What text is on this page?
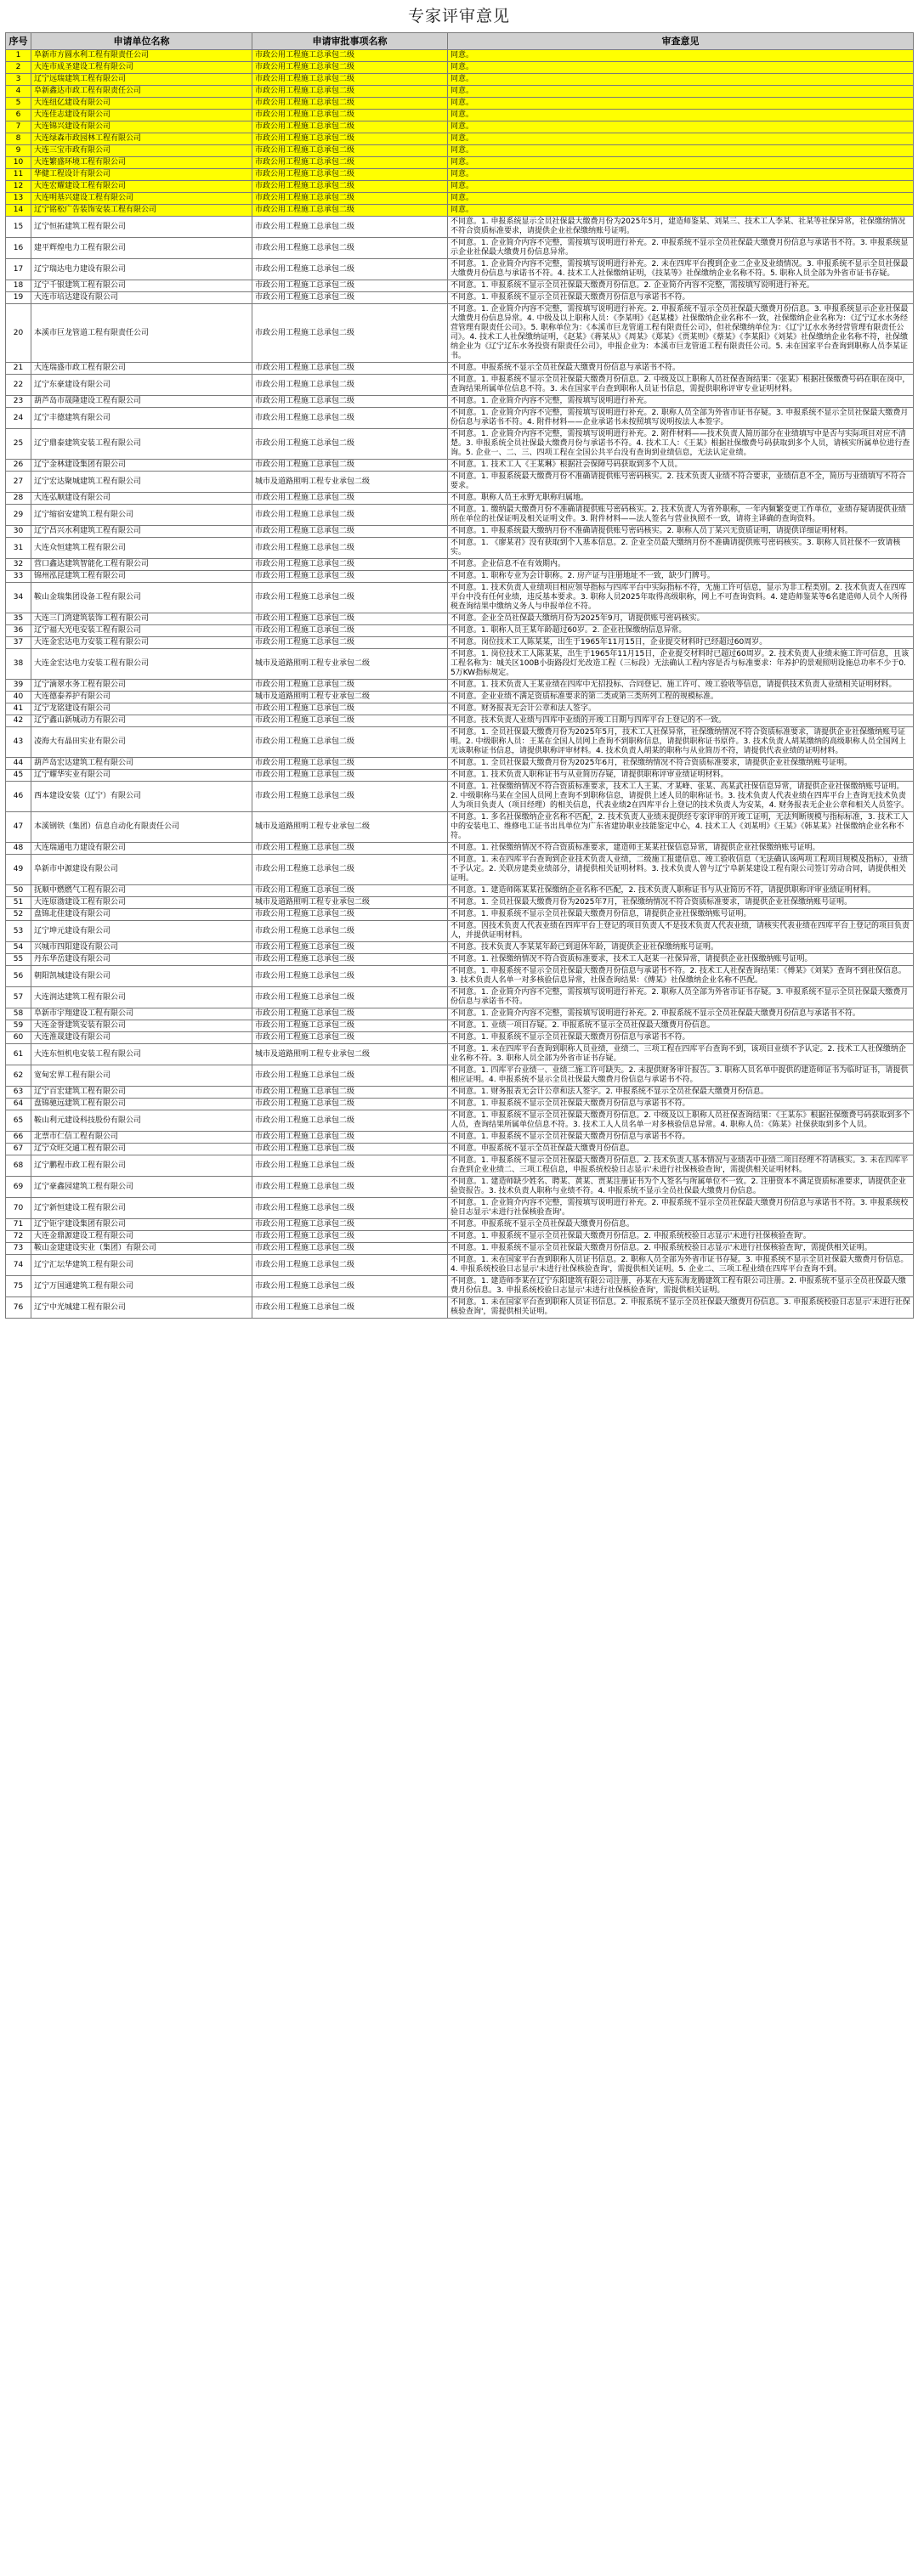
专家评审意见
序号	申请单位名称	申请审批事项名称	审查意见
1	阜新市方圆水利工程有限责任公司	市政公用工程施工总承包二级	同意。
2	大连市成圣建设工程有限公司	市政公用工程施工总承包二级	同意。
3	辽宁远瑞建筑工程有限公司	市政公用工程施工总承包二级	同意。
4	阜新鑫达市政工程有限责任公司	市政公用工程施工总承包二级	同意。
5	大连纽亿建设有限公司	市政公用工程施工总承包二级	同意。
6	大连佳志建设有限公司	市政公用工程施工总承包二级	同意。
7	大连锦兴建设有限公司	市政公用工程施工总承包二级	同意。
8	大连绿森市政园林工程有限公司	市政公用工程施工总承包二级	同意。
9	大连三宝市政有限公司	市政公用工程施工总承包二级	同意。
10	大连繁盛环境工程有限公司	市政公用工程施工总承包二级	同意。
11	华健工程设计有限公司	市政公用工程施工总承包二级	同意。
12	大连宏耀建设工程有限公司	市政公用工程施工总承包二级	同意。
13	大连明基兴建设工程有限公司	市政公用工程施工总承包二级	同意。
14	辽宁铭松广告装饰安装工程有限公司	市政公用工程施工总承包二级	同意。
15	辽宁恒拓建筑工程有限公司	市政公用工程施工总承包二级	不同意。1. 申报系统显示全员社保最大缴费月份为2025年5月，建造师鉴某、刘某三、技术工人李某、社某等社保异常，社保缴纳情况不符合资质标准要求，请提供企业社保缴纳账号证明。
16	建平辉煌电力工程有限公司	市政公用工程施工总承包二级	不同意。1. 企业简介内容不完整，需按填写说明进行补充。2. 申报系统不显示全员社保最大缴费月份信息与承诺书不符。3. 申报系统显示企业社保最大缴费月份信息异常。
17	辽宁瑞达电力建设有限公司	市政公用工程施工总承包二级	不同意。1. 企业简介内容不完整，需按填写说明进行补充。2. 未在四库平台搜到企业二企业及业绩情况。3. 申报系统不显示全员社保最大缴费月份信息与承诺书不符。4. 技术工人社保缴纳证明，《技某等》社保缴纳企业名称不符。5. 职称人员全部为外省市证书存疑。
18	辽宁千银建筑工程有限公司	市政公用工程施工总承包二级	不同意。1. 申报系统不显示全员社保最大缴费月份信息。2. 企业简介内容不完整，需按填写说明进行补充。
19	大连市培达建设有限公司	市政公用工程施工总承包二级	不同意。1. 申报系统不显示全员社保最大缴费月份信息与承诺书不符。
20	本溪市巨龙管道工程有限责任公司	市政公用工程施工总承包二级	不同意。1. 企业简介内容不完整，需按填写说明进行补充。2. 申报系统不显示全员社保最大缴费月份信息。3. 申报系统显示企业社保最大缴费月份信息异常。4. 中级及以上职称人员：《李某明》《赵某楼》社保缴纳企业名称不一致，社保缴纳企业名称为：《辽宁辽水水务经营管理有限责任公司》。5. 职称单位为：《本溪市巨龙管道工程有限责任公司》，但社保缴纳单位为：《辽宁辽水水务经营管理有限责任公司》。4. 技术工人社保缴纳证明，《赵某》《蒋某从》《周某》《郑某》《贾某则》《蔡某》《李某阳》《刘某》社保缴纳企业名称不符，社保缴纳企业为《辽宁辽东水务投资有限责任公司》，申报企业为：本溪市巨龙管道工程有限责任公司。5. 未在国家平台查询到职称人员李某证书。
21	大连瑞盛市政工程有限公司	市政公用工程施工总承包二级	不同意。申报系统不显示全员社保最大缴费月份信息与承诺书不符。
22	辽宁东豪建设有限公司	市政公用工程施工总承包二级	不同意。1. 申报系统不显示全员社保最大缴费月份信息。2. 中级及以上职称人员社保查询结果：《张某》根据社保缴费号码在职在岗中，查询结果所属单位信息不符。3. 未在国家平台查到职称人员证书信息，需提供职称评审专业证明材料。
23	葫芦岛市晟隆建设工程有限公司	市政公用工程施工总承包二级	不同意。1. 企业简介内容不完整，需按填写说明进行补充。
24	辽宁丰德建筑有限公司	市政公用工程施工总承包二级	不同意。1. 企业简介内容不完整，需按填写说明进行补充。2. 职称人员全部为外省市证书存疑。3. 申报系统不显示全员社保最大缴费月份信息与承诺书不符。4. 附件材料——企业承诺书未按照填写说明按法人本签字。
25	辽宁鼎泰建筑安装工程有限公司	市政公用工程施工总承包二级	不同意。1. 企业简介内容不完整，需按填写说明进行补充。2. 附件材料——技术负责人简历部分在业绩填写中是否与实际项目对应不清楚。3. 申报系统全员社保最大缴费月份与承诺书不符。4. 技术工人：《王某》根据社保缴费号码获取到多个人员，请核实所属单位进行查询。5. 企业一、二、三、四项工程在全国公共平台没有查询到业绩信息，无法认定业绩。
26	辽宁金林建设集团有限公司	市政公用工程施工总承包二级	不同意。1. 技术工人《王某琳》根据社会保障号码获取到多个人员。
27	辽宁宏达聚城建筑工程有限公司	城市及道路照明工程专业承包二级	不同意。1. 申报系统最大缴费月份不准确请提供账号密码核实。2. 技术负责人业绩不符合要求，业绩信息不全，简历与业绩填写不符合要求。
28	大连弘顺建设有限公司	市政公用工程施工总承包二级	不同意。职称人员王永野无职称归属地。
29	辽宁缩宿安建筑工程有限公司	市政公用工程施工总承包二级	不同意。1. 缴纳最大缴费月份不准确请提供账号密码核实。2. 技术负责人为省外职称，一年内频繁变更工作单位，业绩存疑请提供业绩所在单位的社保证明及相关证明文件。3. 附件材料——法人签名与营业执照不一致，请将主译确的查询资料。
30	辽宁昌兴水利建筑工程有限公司	市政公用工程施工总承包二级	不同意。1. 申报系统最大缴纳月份不准确请提供账号密码核实。2. 职称人员丁某兴无资质证明，请提供详细证明材料。
31	大连众恒建筑工程有限公司	市政公用工程施工总承包二级	不同意。1. 《廖某君》没有获取到个人基本信息。2. 企业全员最大缴纳月份不准确请提供账号密码核实。3. 职称人员社保不一致请核实。
32	营口鑫达建筑智能化工程有限公司	市政公用工程施工总承包二级	不同意。企业信息不在有效期内。
33	锦州泓昆建筑工程有限公司	市政公用工程施工总承包二级	不同意。1. 职称专业为会计职称。2. 房产证与注册地址不一致，缺少门牌号。
34	鞍山金瑞集团设备工程有限公司	市政公用工程施工总承包二级	不同意。1. 技术负责人业绩项目相应领导指标与四库平台中实际指标不符，无施工许可信息，显示为非工程类别。2. 技术负责人在四库平台中没有任何业绩，违反基本要求。3. 职称人员2025年取得高级职称，网上不可查询资料。4. 建造师鉴某等6名建造师人员个人所得税查询结果中缴纳义务人与申报单位不符。
35	大连三门湾建筑装饰工程有限公司	市政公用工程施工总承包二级	不同意。企业全员社保最大缴纳月份为2025年9月，请提供账号密码核实。
36	辽宁福大光电安装工程有限公司	市政公用工程施工总承包二级	不同意。1. 职称人员王某年龄超过60岁。2. 企业社保缴纳信息异常。
37	大连金宏达电力安装工程有限公司	市政公用工程施工总承包二级	不同意。岗位技术工人陈某某，出生于1965年11月15日，企业提交材料时已经超过60周岁。
38	大连金宏达电力安装工程有限公司	城市及道路照明工程专业承包二级	不同意。1. 岗位技术工人陈某某，出生于1965年11月15日，企业提交材料时已超过60周岁。2. 技术负责人业绩未施工许可信息，且该工程名称为：城关区100B小街路段灯光改造工程（三标段）无法确认工程内容是否与标准要求：年养护的景观照明设施总功率不少于0.5万KW指标规定。
39	辽宁滴翠水务工程有限公司	市政公用工程施工总承包二级	不同意。1. 技术负责人王某业绩在四库中无招投标、合同登记、施工许可、竣工验收等信息，请提供技术负责人业绩相关证明材料。
40	大连德泰养护有限公司	城市及道路照明工程专业承包二级	不同意。企业业绩不满足资质标准要求的第二类或第三类所列工程的规模标准。
41	辽宁龙铭建设有限公司	市政公用工程施工总承包二级	不同意。财务报表无会计公章和法人签字。
42	辽宁鑫山新城动力有限公司	市政公用工程施工总承包二级	不同意。技术负责人业绩与四库中业绩的开竣工日期与四库平台上登记的不一致。
43	凌海大有晶田实业有限公司	市政公用工程施工总承包二级	不同意。1. 全员社保最大缴费月份为2025年5月，技术工人社保异常，社保缴纳情况不符合资质标准要求，请提供企业社保缴纳账号证明。2. 中级职称人员：王某在全国人员网上查询不到职称信息，请提供职称证书原件。3. 技术负责人胡某缴纳的高级职称人员全国网上无该职称证书信息，请提供职称评审材料。4. 技术负责人胡某的职称与从业简历不符，请提供代表业绩的证明材料。
44	葫芦岛宏达建筑工程有限公司	市政公用工程施工总承包二级	不同意。1. 全员社保最大缴费月份为2025年6月，社保缴纳情况不符合资质标准要求，请提供企业社保缴纳账号证明。
45	辽宁耀华实业有限公司	市政公用工程施工总承包二级	不同意。1. 技术负责人职称证书与从业简历存疑，请提供职称评审业绩证明材料。
46	西本建设安装（辽宁）有限公司	市政公用工程施工总承包二级	不同意。1. 社保缴纳情况不符合资质标准要求，技术工人王某、才某峰、张某、高某武社保信息异常，请提供企业社保缴纳账号证明。2. 中级职称马某在全国人员网上查询不到职称信息，请提供上述人员的职称证书。3. 技术负责人代表业绩在四库平台上查询无技术负责人为项目负责人（项目经理）的相关信息，代表业绩2在四库平台上登记的技术负责人为安某，4. 财务报表无企业公章和相关人员签字。
47	本溪钢铁（集团）信息自动化有限责任公司	城市及道路照明工程专业承包二级	不同意。1. 多名社保缴纳企业名称不匹配，2. 技术负责人业绩未提供经专家评审的开竣工证明，无法判断规模与指标标准，3. 技术工人中的安装电工、维修电工证书出具单位为广东省建协职业技能鉴定中心，4. 技术工人《刘某明》《王某》《韩某某》社保缴纳企业名称不符。
48	大连瑞通电力建设有限公司	市政公用工程施工总承包二级	不同意。1. 社保缴纳情况不符合资质标准要求，建造师王某某社保信息异常，请提供企业社保缴纳账号证明。
49	阜新市中源建设有限公司	市政公用工程施工总承包二级	不同意。1. 未在四库平台查询到企业技术负责人业绩，二级施工报建信息、竣工验收信息（无法确认该两项工程项目规模及指标），业绩不予认定。2. 关联房建类业绩部分，请提供相关证明材料。3. 技术负责人曾与辽宁阜新某建设工程有限公司签订劳动合同，请提供相关证明。
50	抚顺中燃燃气工程有限公司	市政公用工程施工总承包二级	不同意。1. 建造师陈某某社保缴纳企业名称不匹配，2. 技术负责人职称证书与从业简历不符，请提供职称评审业绩证明材料。
51	大连原渤建设工程有限公司	城市及道路照明工程专业承包二级	不同意。1. 全员社保最大缴费月份为2025年7月，社保缴纳情况不符合资质标准要求，请提供企业社保缴纳账号证明。
52	盘锦北佳建设有限公司	市政公用工程施工总承包二级	不同意。1. 申报系统不显示全员社保最大缴费月份信息，请提供企业社保缴纳账号证明。
53	辽宁坤元建设有限公司	市政公用工程施工总承包二级	不同意。因技术负责人代表业绩在四库平台上登记的项目负责人不是技术负责人代表业绩，请核实代表业绩在四库平台上登记的项目负责人，并提供证明材料。
54	兴城市四阳建设有限公司	市政公用工程施工总承包二级	不同意。技术负责人李某某年龄已到退休年龄，请提供企业社保缴纳账号证明。
55	丹东华岳建设有限公司	市政公用工程施工总承包二级	不同意。1. 社保缴纳情况不符合资质标准要求，技术工人赵某一社保异常，请提供企业社保缴纳账号证明。
56	朝阳凯城建设有限公司	市政公用工程施工总承包二级	不同意。1. 申报系统不显示全员社保最大缴费月份信息与承诺书不符。2. 技术工人社保查询结果：《傅某》《刘某》查询不到社保信息。3. 技术负责人名单一对多核验信息异常，社保查询结果：《傅某》社保缴纳企业名称不匹配。
57	大连润达建筑工程有限公司	市政公用工程施工总承包二级	不同意。1. 企业简介内容不完整，需按填写说明进行补充。2. 职称人员全部为外省市证书存疑。3. 申报系统不显示全员社保最大缴费月份信息与承诺书不符。
58	阜新市宇翔建设工程有限公司	市政公用工程施工总承包二级	不同意。1. 企业简介内容不完整，需按填写说明进行补充。2. 申报系统不显示全员社保最大缴费月份信息与承诺书不符。
59	大连金誉建筑安装有限公司	市政公用工程施工总承包二级	不同意。1. 业绩一项目存疑。2. 申报系统不显示全员社保最大缴费月份信息。
60	大连淮晟建设有限公司	市政公用工程施工总承包二级	不同意。1. 申报系统不显示全员社保最大缴费月份信息与承诺书不符。
61	大连东恒机电安装工程有限公司	城市及道路照明工程专业承包二级	不同意。1. 未在四库平台查询到职称人员业绩，业绩二、三项工程在四库平台查询不到，该项目业绩不予认定。2. 技术工人社保缴纳企业名称不符。3. 职称人员全部为外省市证书存疑。
62	宽甸宏界工程有限公司	市政公用工程施工总承包二级	不同意。1. 四库平台业绩一、业绩二施工许可缺失。2. 未提供财务审计报告。3. 职称人员名单中提供的建造师证书为临时证书，请提供相应证明。4. 申报系统不显示全员社保最大缴费月份信息与承诺书不符。
63	辽宁百宏建筑工程有限公司	市政公用工程施工总承包二级	不同意。1. 财务报表无会计公章和法人签字。2. 申报系统不显示全员社保最大缴费月份信息。
64	盘锦驰远建筑工程有限公司	市政公用工程施工总承包二级	不同意。1. 申报系统不显示全员社保最大缴费月份信息与承诺书不符。
65	鞍山利元建设科技股份有限公司	市政公用工程施工总承包二级	不同意。1. 申报系统不显示全员社保最大缴费月份信息。2. 中级及以上职称人员社保查询结果：《王某东》根据社保缴费号码获取到多个人员，查询结果所属单位信息不符。3. 技术工人人员名单一对多核验信息异常。4. 职称人员：《陈某》社保获取到多个人员。
66	北票市仁信工程有限公司	市政公用工程施工总承包二级	不同意。1. 申报系统不显示全员社保最大缴费月份信息与承诺书不符。
67	辽宁众旺交通工程有限公司	市政公用工程施工总承包二级	不同意。申报系统不显示全员社保最大缴费月份信息。
68	辽宁鹏程市政工程有限公司	市政公用工程施工总承包二级	不同意。1. 申报系统不显示全员社保最大缴费月份信息。2. 技术负责人基本情况与业绩表中业绩二项目经理不符请核实。3. 未在四库平台查到企业业绩二、三项工程信息，申报系统校验日志显示'未进行社保核验查询'，需提供相关证明材料。
69	辽宁豪鑫园建筑工程有限公司	市政公用工程施工总承包二级	不同意。1. 建造师缺少姓名、聘某、黄某、贾某注册证书为个人签名与所属单位不一致。2. 注册资本不满足资质标准要求，请提供企业验资报告。3. 技术负责人职称与业绩不符。4. 申报系统不显示全员社保最大缴费月份信息。
70	辽宁新恒建设工程有限公司	市政公用工程施工总承包二级	不同意。1. 企业简介内容不完整，需按填写说明进行补充。2. 申报系统不显示全员社保最大缴费月份信息与承诺书不符。3. 申报系统校验日志显示'未进行社保核验查询'。
71	辽宁钜宇建设集团有限公司	市政公用工程施工总承包二级	不同意。申报系统不显示全员社保最大缴费月份信息。
72	大连金鼎源建设工程有限公司	市政公用工程施工总承包二级	不同意。1. 申报系统不显示全员社保最大缴费月份信息。2. 申报系统校验日志显示'未进行社保核验查询'。
73	鞍山金建建设实业（集团）有限公司	市政公用工程施工总承包二级	不同意。1. 申报系统不显示全员社保最大缴费月份信息。2. 申报系统校验日志显示'未进行社保核验查询'，需提供相关证明。
74	辽宁汇坛华建筑工程有限公司	市政公用工程施工总承包二级	不同意。1. 未在国家平台查到职称人员证书信息。2. 职称人员全部为外省市证书存疑。3. 申报系统不显示全员社保最大缴费月份信息。4. 申报系统校验日志显示'未进行社保核验查询'，需提供相关证明。5. 企业二、三项工程业绩在四库平台查询不到。
75	辽宁万国通建筑工程有限公司	市政公用工程施工总承包二级	不同意。1. 建造师李某在辽宁东阳建筑有限公司注册，孙某在大连东海龙腾建筑工程有限公司注册。2. 申报系统不显示全员社保最大缴费月份信息。3. 申报系统校验日志显示'未进行社保核验查询'，需提供相关证明。
76	辽宁中光城建工程有限公司	市政公用工程施工总承包二级	不同意。1. 未在国家平台查到职称人员证书信息。2. 申报系统不显示全员社保最大缴费月份信息。3. 申报系统校验日志显示'未进行社保核验查询'，需提供相关证明。
